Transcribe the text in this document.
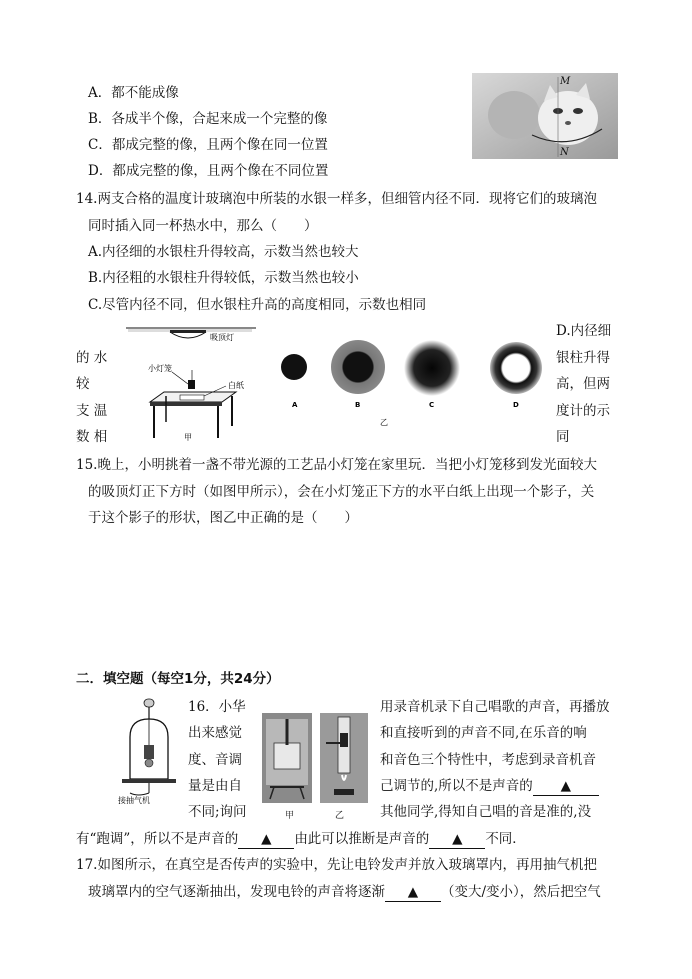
A．都不能成像
B．各成半个像，合起来成一个完整的像
C．都成完整的像，且两个像在同一位置
D．都成完整的像，且两个像在不同位置
M
N
14.两支合格的温度计玻璃泡中所装的水银一样多，但细管内径不同．现将它们的玻璃泡
同时插入同一杯热水中，那么（　　）
A.内径细的水银柱升得较高，示数当然也较大
B.内径粗的水银柱升得较低，示数当然也较小
C.尽管内径不同，但水银柱升高的高度相同，示数也相同
D.内径细
银柱升得
高，但两
度计的示
同
的 水
较
支 温
数 相
吸顶灯
小灯笼
白纸
甲
A	B	C	D
乙
15.晚上，小明挑着一盏不带光源的工艺品小灯笼在家里玩．当把小灯笼移到发光面较大
的吸顶灯正下方时（如图甲所示），会在小灯笼正下方的水平白纸上出现一个影子，关
于这个影子的形状，图乙中正确的是（　　）
二．填空题（每空1分，共24分）
接抽气机
16．小华
出来感觉
度、音调
量是由自
不同;询问	甲	乙
用录音机录下自己唱歌的声音，再播放
和直接听到的声音不同,在乐音的响
和音色三个特性中，考虑到录音机音
己调节的,所以不是声音的 ▲
其他同学,得知自己唱的音是准的,没
有“跑调”，所以不是声音的 ▲ 由此可以推断是声音的 ▲ 不同．
17.如图所示，在真空是否传声的实验中，先让电铃发声并放入玻璃罩内，再用抽气机把
玻璃罩内的空气逐渐抽出，发现电铃的声音将逐渐 ▲ （变大/变小），然后把空气
